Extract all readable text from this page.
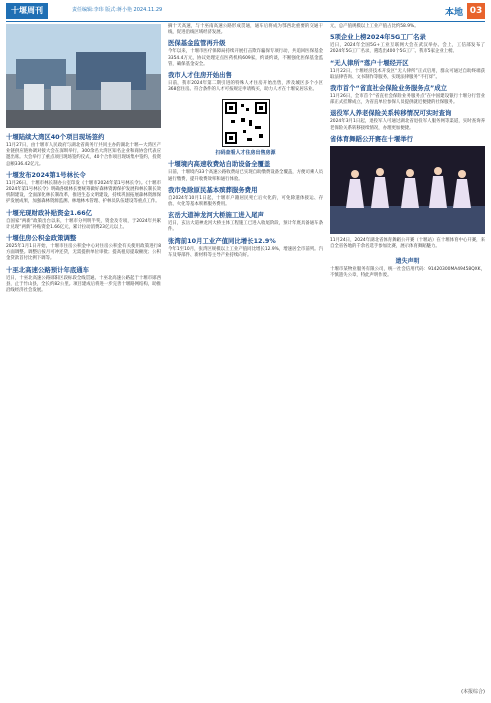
十堰周刊	责任编辑:李玮 版式:蒋小艳 2024.11.29	本地 03
十堰陆续大湾区40个项目现场签约
11月27日，由十堰市人民政府与湖北省商务厅共同主办的湖北十堰—大湾区产业链供应链协调对接大会在深圳举行，300余名大湾区知名企业和商协会代表应邀出席。大会举行了重点项目现场签约仪式，40个合作项目现场集中签约，投资总额336.42亿元。
十堰发布2024第1号林长令
11月26日，十堰市林长制办公室印发《十堰市2024年第1号林长令》。《十堰市2024年第1号林长令》明确各级林长要统筹做好森林资源保护发展和林长制长效机制建设，全面深化林长制改革，推进生态文明建设，持续巩固拓展森林资源保护发展成果，加强森林资源监测、林地林木管理、护林员队伍建设等重点工作。
十堰光现财政补贴资金1.66亿
自国家“两新”政策出台以来，十堰市分列明半奖，资金及专项，于2024年共累计兑现“两新”补贴资金1.66亿元，累计拉动消费23亿元以上。
十堰住房公积金政策调整
2025年1月1日开始，十堰市住房公积金中心对住房公积金有关使用政策进行8方面调整。调整后按月可冲还贷，无需提供单位审批；提高租房提取额度；公积金贷款首付比例下调等。
十巫北高速公路预计年底通车
近日，十巫北高速公路郧阳区段标段全线贯通。十巫北高速公路起于十堰市郧西县，止于竹山县，全长约82公里。项目建成后将进一步完善十堰路网结构，助推沿线经济社会发展。
摘十天高速，与十巫南高速公路形成贯通，通车后将成为鄂西北重要的交通干线，促进沿线区域经济发展。
医保基金监管再升级
今年以来，十堰市医疗保障局持续开展打击欺诈骗保专项行动，共追回医保基金3354.4万元，协议处理定点医药机构609家，约谈约谈，不断强化医保基金监管，确保基金安全。
我市人才住房开始出售
日前，我市2024年第二期引进的特殊人才住房开始出售，涉及城区多个小区368套住房。符合条件的人才可按规定申请购买，助力人才在十堰安居乐业。
扫码查看人才住房出售房源
十堰境内高速收费站自助设备全覆盖
日前，十堰境内33个高速公路收费站已实现自助缴费设备全覆盖，方便司乘人员通行缴费，提升收费效率和通行体验。
我市免除原民基本殡葬服务费用
自2024年10月1日起，十堰市户籍居民死亡后火化的，可免除遗体接运、存放、火化等基本殡葬服务费用。
玄岳大道神龙河大桥施工进入尾声
近日，玄岳大道神龙河大桥主体工程施工已进入收尾阶段，预计年底具备通车条件。
张湾前10月工业产值同比增长12.9%
今年1至10月，张湾区规模以上工业产值同比增长12.9%，增速居全市前列。汽车及零部件、新材料等主导产业持续向好。
元，总产值规模以上工业产值占比约58.9%。
5项企业上榜2024年5G工厂名录
近日，2024年全国5G+工业互联网大会在武汉举办。会上，工信部发布了2024年5G工厂名录，遴选出400个5G工厂。我市5家企业上榜。
“无人律所”落户十堰经开区
11月22日，十堰经济技术开发区“无人律所”正式启用，群众可通过自助终端获取法律咨询、文书制作等服务，实现法律服务“不打烊”。
我市首个“省直社会保险业务服务点”成立
11月26日，全市首个“省直社会保险业务服务点”在中国建设银行十堰分行营业部正式挂牌成立，为省直单位参保人员提供就近便捷的社保服务。
退役军人养老保险关系转移情况可实时查询
2024年3月1日起，退役军人可通过湖北省退役军人服务网等渠道，实时查询养老保险关系转移接续情况，办理更加便捷。
省体育舞蹈公开赛在十堰举行
11月24日，2024年湖北省体育舞蹈公开赛（十堰站）在十堰体育中心开赛，来自全省各地的千余名选手参加比赛，展示体育舞蹈魅力。
遗失声明
十堰市某物业服务有限公司，统一社会信用代码：91420300MA49458QXK，不慎遗失公章，特此声明作废。
(本报综合)
